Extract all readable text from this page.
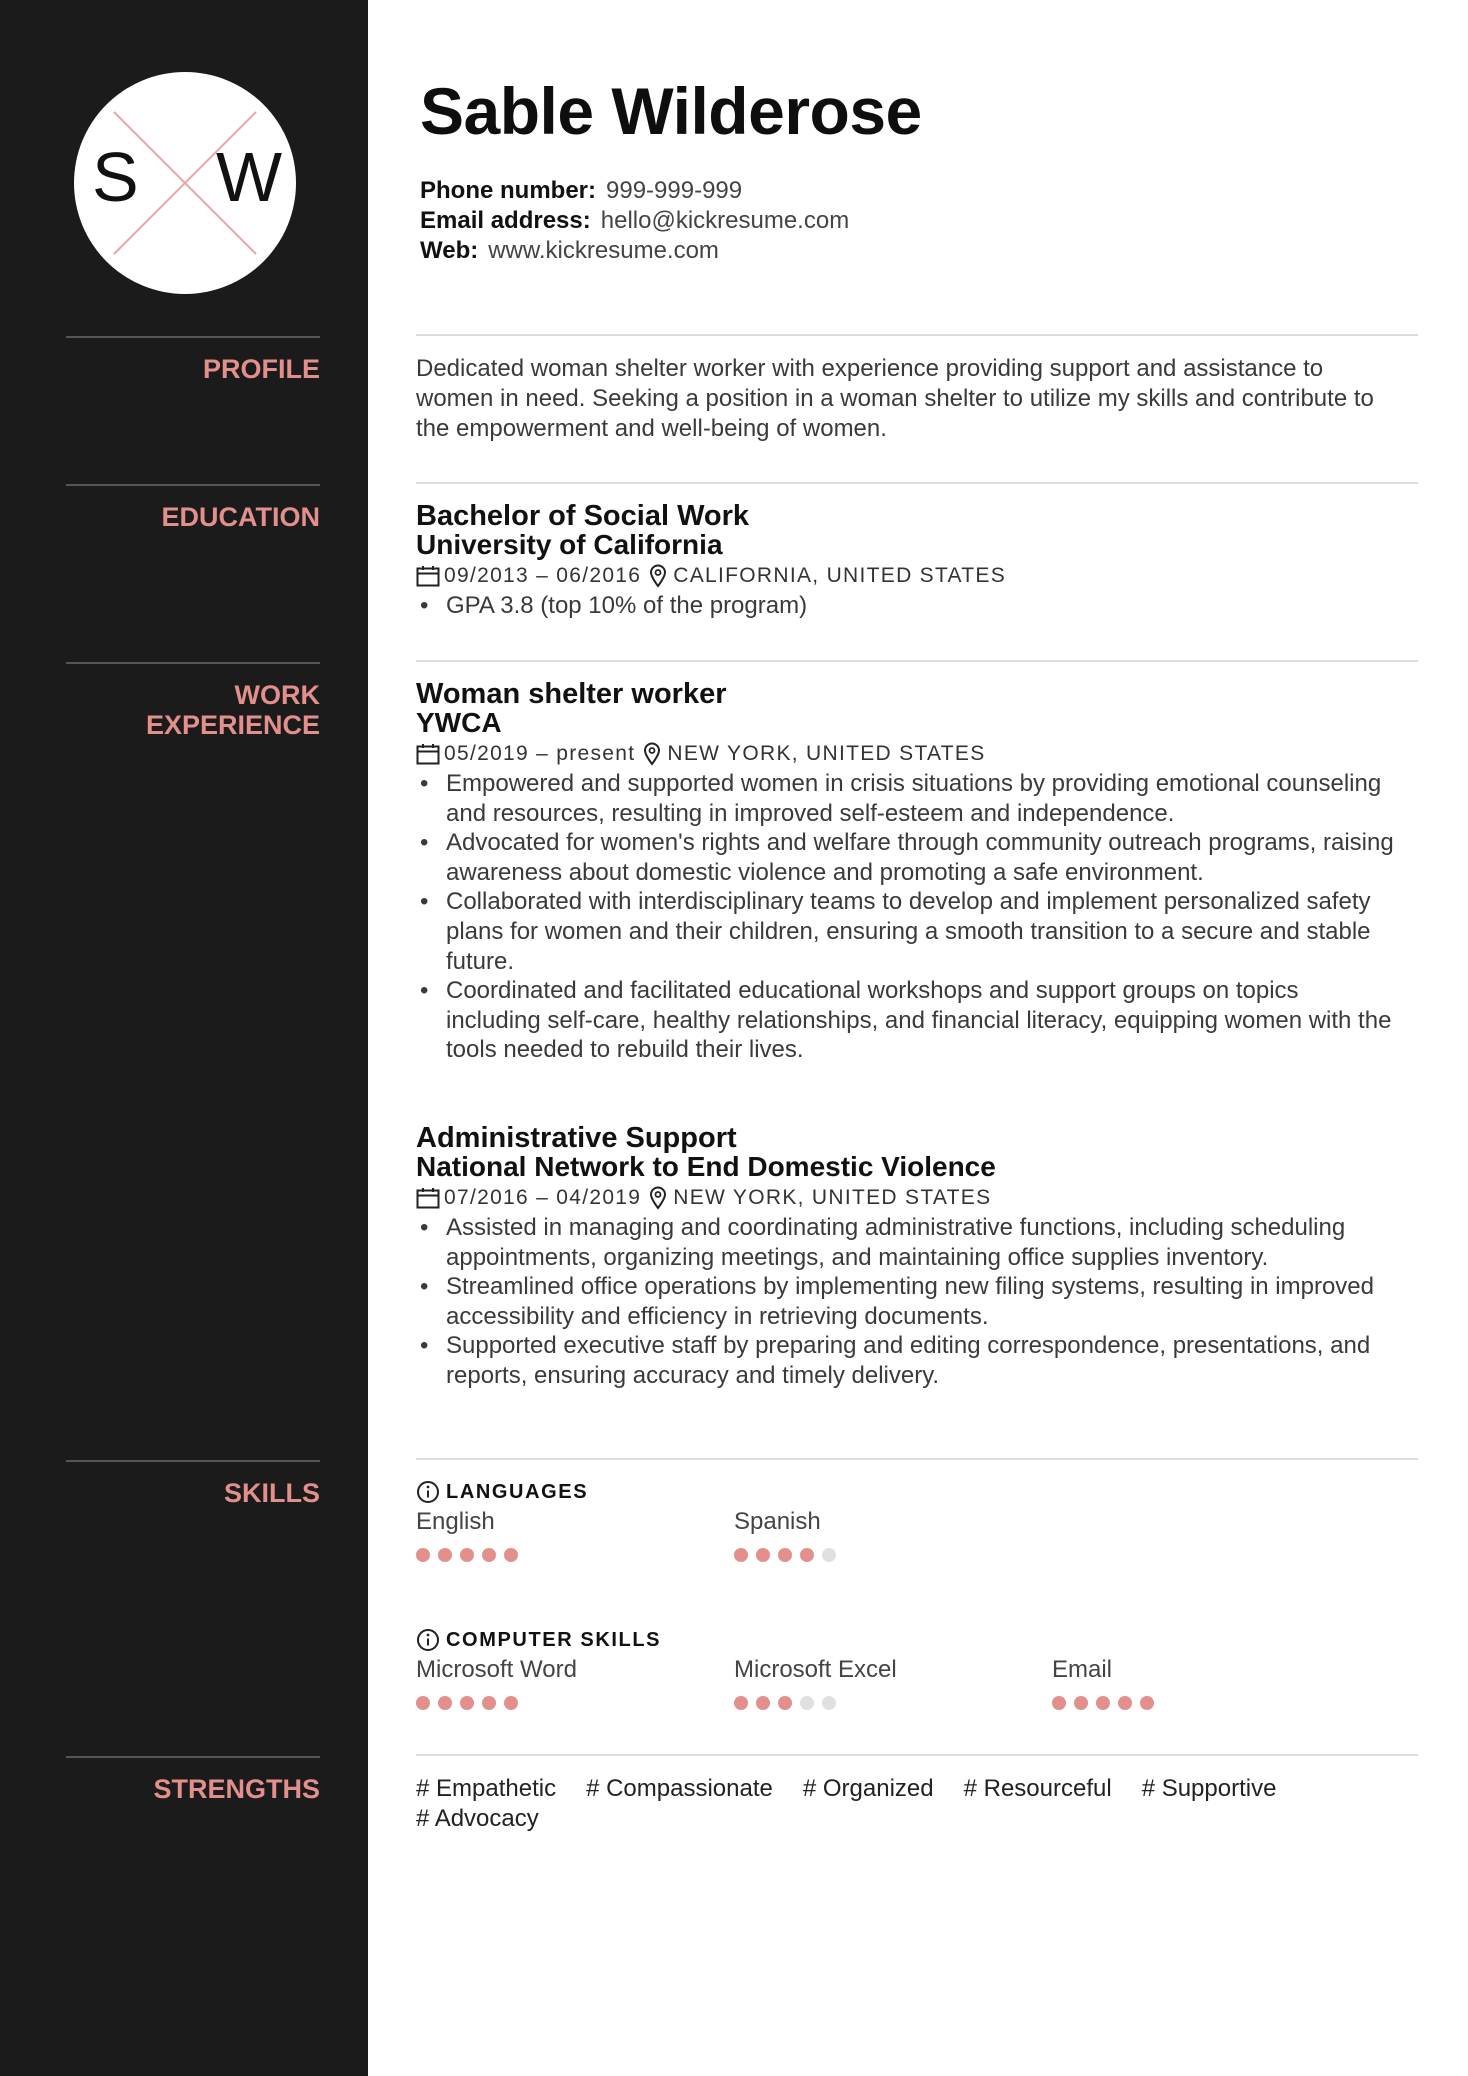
S W
PROFILE
EDUCATION
WORK
EXPERIENCE
SKILLS
STRENGTHS
Sable Wilderose
Phone number: 999-999-999
Email address: hello@kickresume.com
Web: www.kickresume.com

Dedicated woman shelter worker with experience providing support and assistance to women in need. Seeking a position in a woman shelter to utilize my skills and contribute to the empowerment and well-being of women.

Bachelor of Social Work
University of California
09/2013 – 06/2016 CALIFORNIA, UNITED STATES
• GPA 3.8 (top 10% of the program)
Woman shelter worker
YWCA
05/2019 – present NEW YORK, UNITED STATES
• Empowered and supported women in crisis situations by providing emotional counseling and resources, resulting in improved self-esteem and independence.
• Advocated for women's rights and welfare through community outreach programs, raising awareness about domestic violence and promoting a safe environment.
• Collaborated with interdisciplinary teams to develop and implement personalized safety plans for women and their children, ensuring a smooth transition to a secure and stable future.
• Coordinated and facilitated educational workshops and support groups on topics including self-care, healthy relationships, and financial literacy, equipping women with the tools needed to rebuild their lives.
Administrative Support
National Network to End Domestic Violence
07/2016 – 04/2019 NEW YORK, UNITED STATES
• Assisted in managing and coordinating administrative functions, including scheduling appointments, organizing meetings, and maintaining office supplies inventory.
• Streamlined office operations by implementing new filing systems, resulting in improved accessibility and efficiency in retrieving documents.
• Supported executive staff by preparing and editing correspondence, presentations, and reports, ensuring accuracy and timely delivery.
LANGUAGES
English	Spanish
COMPUTER SKILLS
Microsoft Word	Microsoft Excel	Email
# Empathetic # Compassionate # Organized # Resourceful # Supportive
# Advocacy
